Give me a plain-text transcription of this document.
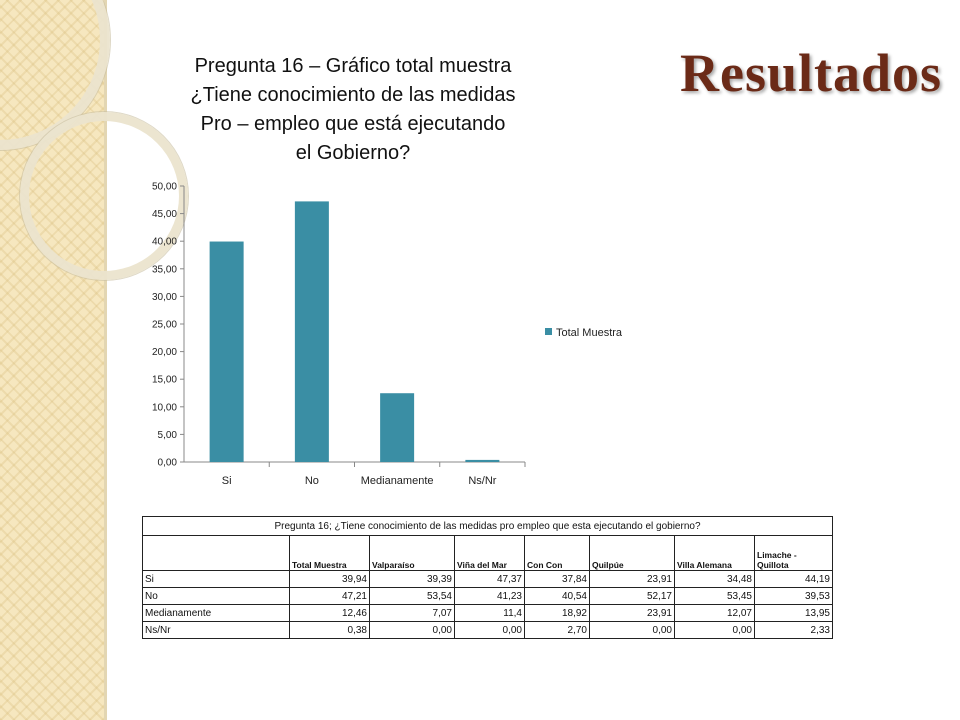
Resultados
Pregunta 16 – Gráfico total muestra
¿Tiene conocimiento de las medidas
Pro – empleo que está ejecutando
el Gobierno?
0,00
5,00
10,00
15,00
20,00
25,00
30,00
35,00
40,00
45,00
50,00
Si	No	Medianamente	Ns/Nr
Total Muestra
Pregunta 16; ¿Tiene conocimiento de las medidas pro empleo que esta ejecutando el gobierno?							
	Total Muestra	Valparaíso	Viña del Mar	Con Con	Quilpúe	Villa Alemana	Limache - Quillota
Si	39,94	39,39	47,37	37,84	23,91	34,48	44,19
No	47,21	53,54	41,23	40,54	52,17	53,45	39,53
Medianamente	12,46	7,07	11,4	18,92	23,91	12,07	13,95
Ns/Nr	0,38	0,00	0,00	2,70	0,00	0,00	2,33
